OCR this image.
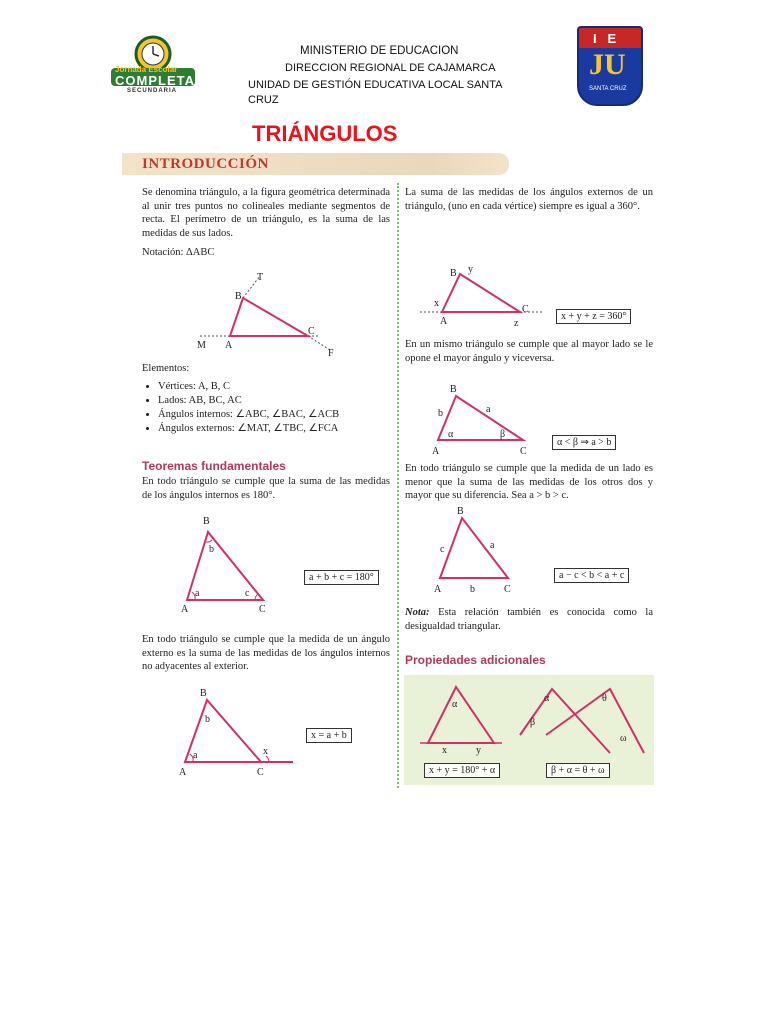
Jornada Escolar
COMPLETA
SECUNDARIA
MINISTERIO DE EDUCACION
DIRECCION REGIONAL DE CAJAMARCA
UNIDAD DE GESTIÓN EDUCATIVA LOCAL SANTA
CRUZ
I   E
JU
SANTA CRUZ
TRIÁNGULOS
INTRODUCCIÓN
Se denomina triángulo, a la figura geométrica determinada al unir tres puntos no colineales mediante segmentos de recta. El perímetro de un triángulo, es la suma de las medidas de sus lados.
Notación: ΔABC
T
B
C
M A
F
Elementos:
• Vértices: A, B, C
• Lados: AB, BC, AC
• Ángulos internos: ∠ABC, ∠BAC, ∠ACB
• Ángulos externos: ∠MAT, ∠TBC, ∠FCA
Teoremas fundamentales
En todo triángulo se cumple que la suma de las medidas de los ángulos internos es 180°.
B
b
a	c
A	C
a + b + c = 180°
En todo triángulo se cumple que la medida de un ángulo externo es la suma de las medidas de los ángulos internos no adyacentes al exterior.
B
b
a	x
A	C
x = a + b
La suma de las medidas de los ángulos externos de un triángulo, (uno en cada vértice) siempre es igual a 360°.
B y
x
C
A	z
x + y + z = 360°
En un mismo triángulo se cumple que al mayor lado se le opone el mayor ángulo y viceversa.
B
b	a
α	β
A	C
α < β ⇒ a > b
En todo triángulo se cumple que la medida de un lado es menor que la suma de las medidas de los otros dos y mayor que su diferencia. Sea a > b > c.
B
c	a
A	b	C
a − c < b < a + c
Nota: Esta relación también es conocida como la desigualdad triangular.
Propiedades adicionales
α
x	y
α	θ
β
ω
x + y = 180° + α	β + α = θ + ω
